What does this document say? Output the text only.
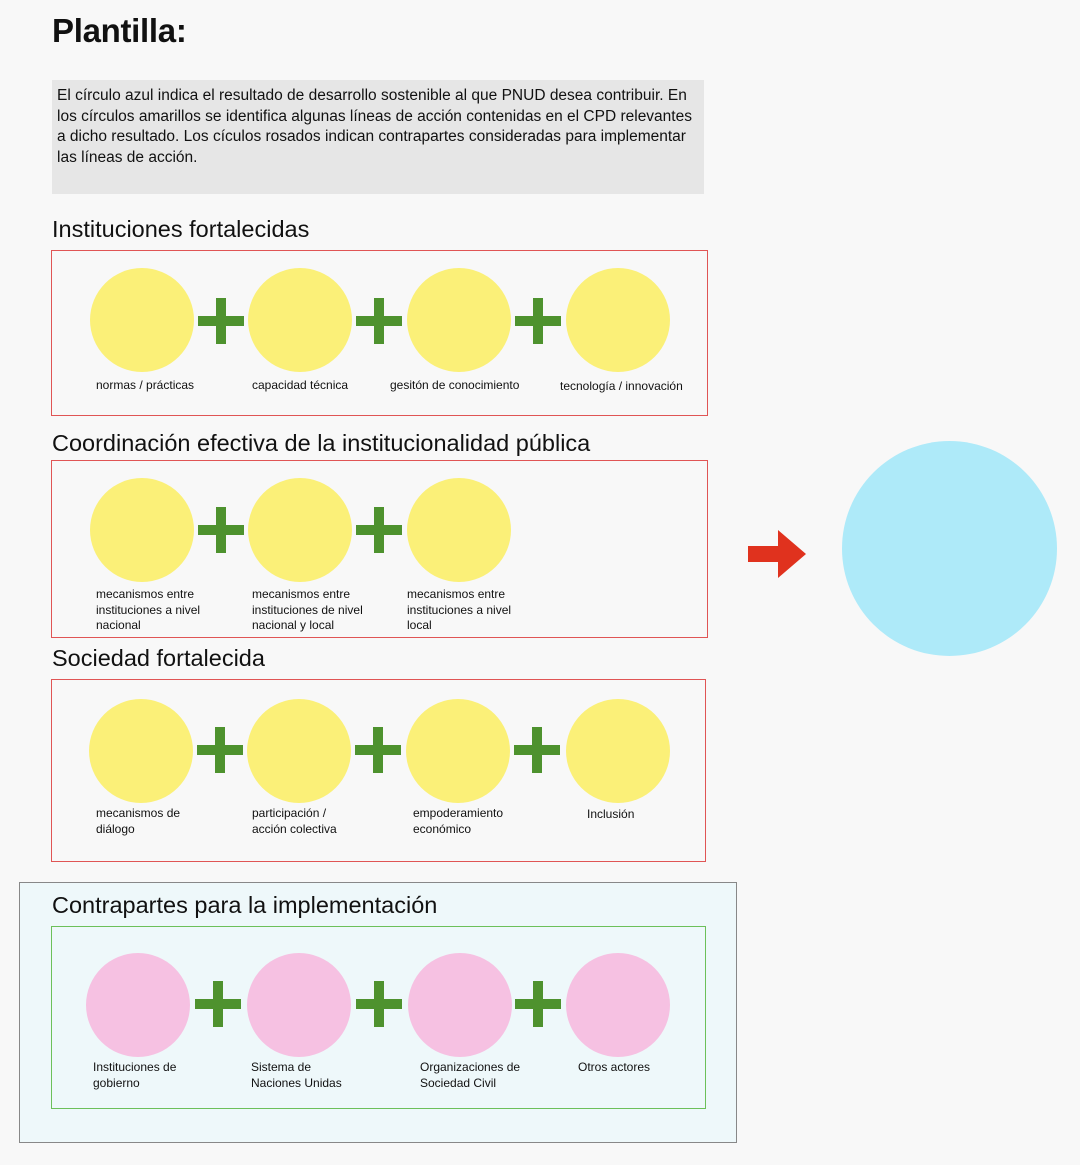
Plantilla:

El círculo azul indica el resultado de desarrollo sostenible al que PNUD desea contribuir. En los círculos amarillos se identifica algunas líneas de acción contenidas en el CPD relevantes a dicho resultado. Los cículos rosados indican contrapartes consideradas para implementar las líneas de acción.

Instituciones fortalecidas
normas / prácticas	capacidad técnica	gesitón de conocimiento	tecnología / innovación
Coordinación efectiva de la institucionalidad pública
mecanismos entre instituciones a nivel nacional
mecanismos entre instituciones de nivel nacional y local
mecanismos entre instituciones a nivel local
Sociedad fortalecida
mecanismos de diálogo
participación / acción colectiva
empoderamiento económico
Inclusión
Contrapartes para la implementación
Instituciones de gobierno
Sistema de Naciones Unidas
Organizaciones de Sociedad Civil
Otros actores
